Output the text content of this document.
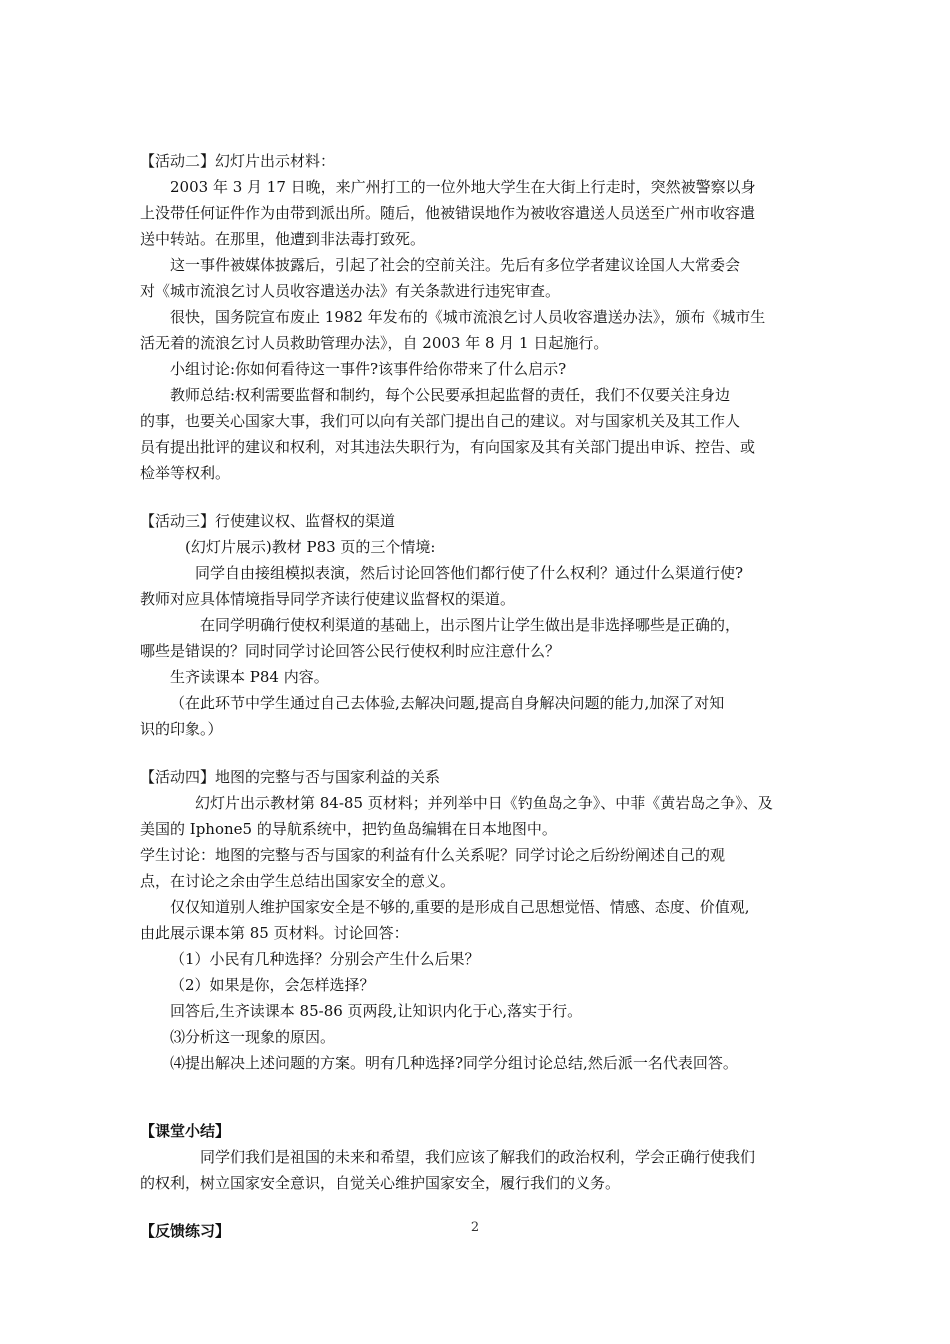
【活动二】幻灯片出示材料：
2003 年 3 月 17 日晚，来广州打工的一位外地大学生在大街上行走时，突然被警察以身
上没带任何证件作为由带到派出所。随后，他被错误地作为被收容遣送人员送至广州市收容遣
送中转站。在那里，他遭到非法毒打致死。
这一事件被媒体披露后，引起了社会的空前关注。先后有多位学者建议诠国人大常委会
对《城市流浪乞讨人员收容遣送办法》有关条款进行违宪审查。
很快，国务院宣布废止 1982 年发布的《城市流浪乞讨人员收容遣送办法》，颁布《城市生
活无着的流浪乞讨人员救助管理办法》，自 2003 年 8 月 1 日起施行。
小组讨论:你如何看待这一事件?该事件给你带来了什么启示?
教师总结:权利需要监督和制约，每个公民要承担起监督的责任，我们不仅要关注身边
的事，也要关心国家大事，我们可以向有关部门提出自己的建议。对与国家机关及其工作人
员有提出批评的建议和权利，对其违法失职行为，有向国家及其有关部门提出申诉、控告、或
检举等权利。
【活动三】行使建议权、监督权的渠道
(幻灯片展示)教材 P83 页的三个情境:
同学自由接组模拟表演，然后讨论回答他们都行使了什么权利？通过什么渠道行使?
教师对应具体情境指导同学齐读行使建议监督权的渠道。
在同学明确行使权利渠道的基础上，出示图片让学生做出是非选择哪些是正确的，
哪些是错误的？同时同学讨论回答公民行使权利时应注意什么？
生齐读课本 P84 内容。
（在此环节中学生通过自己去体验,去解决问题,提高自身解决问题的能力,加深了对知
识的印象。）
【活动四】地图的完整与否与国家利益的关系
幻灯片出示教材第 84-85 页材料；并列举中日《钓鱼岛之争》、中菲《黄岩岛之争》、及
美国的 Iphone5 的导航系统中，把钓鱼岛编辑在日本地图中。
学生讨论：地图的完整与否与国家的利益有什么关系呢？同学讨论之后纷纷阐述自己的观
点，在讨论之余由学生总结出国家安全的意义。
仅仅知道别人维护国家安全是不够的,重要的是形成自己思想觉悟、情感、态度、价值观,
由此展示课本第 85 页材料。讨论回答：
（1）小民有几种选择？分别会产生什么后果？
（2）如果是你，会怎样选择？
回答后,生齐读课本 85-86 页两段,让知识内化于心,落实于行。
⑶分析这一现象的原因。
⑷提出解决上述问题的方案。明有几种选择?同学分组讨论总结,然后派一名代表回答。
【课堂小结】
同学们我们是祖国的未来和希望，我们应该了解我们的政治权利，学会正确行使我们
的权利，树立国家安全意识，自觉关心维护国家安全，履行我们的义务。
【反馈练习】	2
